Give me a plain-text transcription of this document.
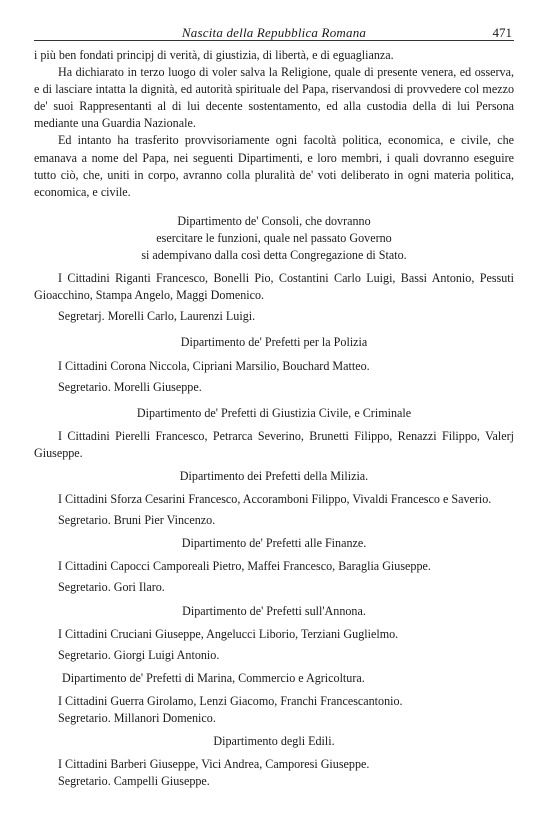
Nascita della Repubblica Romana	471

i più ben fondati principj di verità, di giustizia, di libertà, e di eguaglianza.

Ha dichiarato in terzo luogo di voler salva la Religione, quale di presente venera, ed osserva, e di lasciare intatta la dignità, ed autorità spirituale del Papa, riservandosi di provvedere col mezzo de' suoi Rappresentanti al di lui decente sostentamento, ed alla custodia della di lui Persona mediante una Guardia Nazionale.

Ed intanto ha trasferito provvisoriamente ogni facoltà politica, economica, e civile, che emanava a nome del Papa, nei seguenti Dipartimenti, e loro membri, i quali dovranno eseguire tutto ciò, che, uniti in corpo, avranno colla pluralità de' voti deliberato in ogni materia politica, economica, e civile.

Dipartimento de' Consoli, che dovranno
esercitare le funzioni, quale nel passato Governo
si adempivano dalla così detta Congregazione di Stato.

I Cittadini Riganti Francesco, Bonelli Pio, Costantini Carlo Luigi, Bassi Antonio, Pessuti Gioacchino, Stampa Angelo, Maggi Domenico.

Segretarj. Morelli Carlo, Laurenzi Luigi.

Dipartimento de' Prefetti per la Polizia

I Cittadini Corona Niccola, Cipriani Marsilio, Bouchard Matteo.

Segretario. Morelli Giuseppe.

Dipartimento de' Prefetti di Giustizia Civile, e Criminale

I Cittadini Pierelli Francesco, Petrarca Severino, Brunetti Filippo, Renazzi Filippo, Valerj Giuseppe.

Dipartimento dei Prefetti della Milizia.

I Cittadini Sforza Cesarini Francesco, Accoramboni Filippo, Vivaldi Francesco e Saverio.

Segretario. Bruni Pier Vincenzo.

Dipartimento de' Prefetti alle Finanze.

I Cittadini Capocci Camporeali Pietro, Maffei Francesco, Baraglia Giuseppe.

Segretario. Gori Ilaro.

Dipartimento de' Prefetti sull'Annona.

I Cittadini Cruciani Giuseppe, Angelucci Liborio, Terziani Guglielmo.

Segretario. Giorgi Luigi Antonio.

Dipartimento de' Prefetti di Marina, Commercio e Agricoltura.

I Cittadini Guerra Girolamo, Lenzi Giacomo, Franchi Francescantonio.

Segretario. Millanori Domenico.

Dipartimento degli Edili.

I Cittadini Barberi Giuseppe, Vici Andrea, Camporesi Giuseppe.

Segretario. Campelli Giuseppe.
